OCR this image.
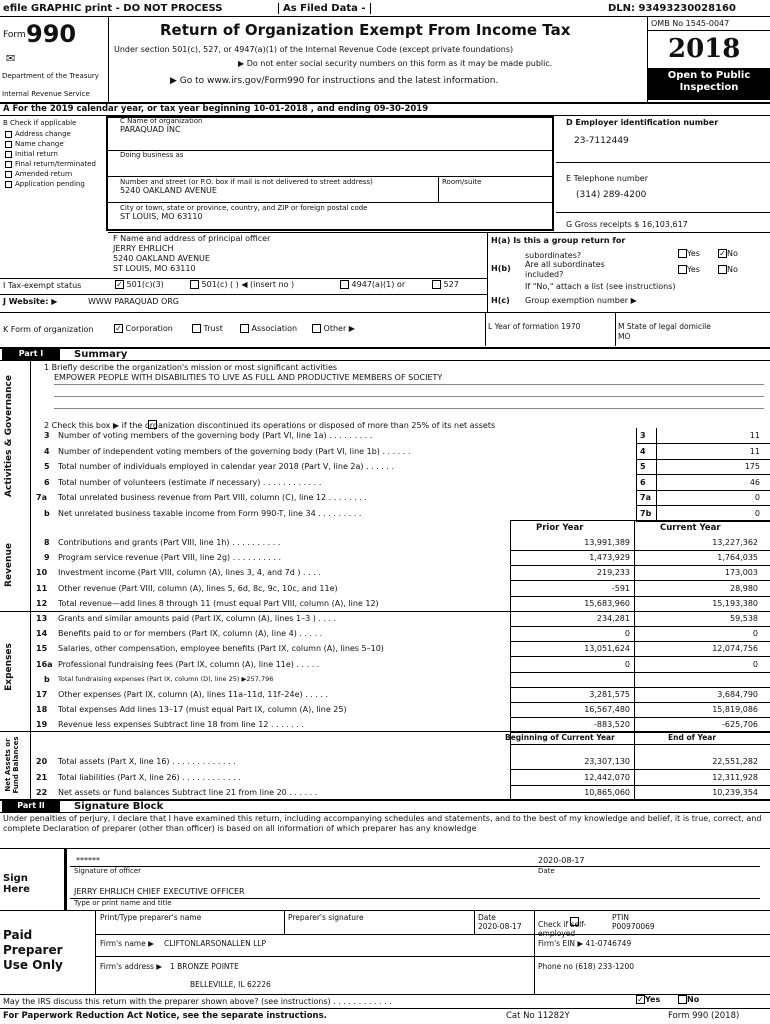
efile GRAPHIC print - DO NOT PROCESS	As Filed Data -	DLN: 93493230028160
Form 990
✉
Department of the Treasury
Internal Revenue Service
Return of Organization Exempt From Income Tax
Under section 501(c), 527, or 4947(a)(1) of the Internal Revenue Code (except private foundations)
▶ Do not enter social security numbers on this form as it may be made public.
▶ Go to www.irs.gov/Form990 for instructions and the latest information.
OMB No 1545-0047
2018
Open to Public Inspection
A For the 2019 calendar year, or tax year beginning 10-01-2018 , and ending 09-30-2019
B Check if applicable
Address change
Name change
Initial return
Final return/terminated
Amended return
Application pending
C Name of organization
PARAQUAD INC
Doing business as
Number and street (or P.O. box if mail is not delivered to street address)	Room/suite
5240 OAKLAND AVENUE
City or town, state or province, country, and ZIP or foreign postal code
ST LOUIS, MO 63110
D Employer identification number
23-7112449
E Telephone number
(314) 289-4200
G Gross receipts $ 16,103,617
F Name and address of principal officer
JERRY EHRLICH
5240 OAKLAND AVENUE
ST LOUIS, MO 63110
H(a) Is this a group return for
subordinates?	Yes ✓No
H(b) Are all subordinates
included?
Yes	No
If "No," attach a list (see instructions)
H(c) Group exemption number ▶
I Tax-exempt status	✓ 501(c)(3)	501(c) ( ) ◀ (insert no )	4947(a)(1) or	527
J Website: ▶	WWW PARAQUAD ORG
K Form of organization	✓ Corporation	Trust	Association	Other ▶	L Year of formation 1970	M State of legal domicile
MO
Part I	Summary
Activities & Governance
Revenue
Expenses
Net Assets or Fund Balances
1 Briefly describe the organization's mission or most significant activities
EMPOWER PEOPLE WITH DISABILITIES TO LIVE AS FULL AND PRODUCTIVE MEMBERS OF SOCIETY
2 Check this box ▶ if the organization discontinued its operations or disposed of more than 25% of its net assets
3 Number of voting members of the governing body (Part VI, line 1a) . . . . . . . . .	3	11
4 Number of independent voting members of the governing body (Part VI, line 1b) . . . . . .	4	11
5 Total number of individuals employed in calendar year 2018 (Part V, line 2a) . . . . . .	5	175
6 Total number of volunteers (estimate if necessary) . . . . . . . . . . . .	6	46
7a Total unrelated business revenue from Part VIII, column (C), line 12 . . . . . . . .	7a	0
b Net unrelated business taxable income from Form 990-T, line 34 . . . . . . . . .	7b	0
Prior Year	Current Year
8 Contributions and grants (Part VIII, line 1h) . . . . . . . . . .	13,991,389	13,227,362
9 Program service revenue (Part VIII, line 2g) . . . . . . . . . .	1,473,929	1,764,035
10 Investment income (Part VIII, column (A), lines 3, 4, and 7d ) . . . .	219,233	173,003
11 Other revenue (Part VIII, column (A), lines 5, 6d, 8c, 9c, 10c, and 11e)	-591	28,980
12 Total revenue—add lines 8 through 11 (must equal Part VIII, column (A), line 12)	15,683,960	15,193,380
13 Grants and similar amounts paid (Part IX, column (A), lines 1–3 ) . . . .	234,281	59,538
14 Benefits paid to or for members (Part IX, column (A), line 4) . . . . .	0	0
15 Salaries, other compensation, employee benefits (Part IX, column (A), lines 5–10)	13,051,624	12,074,756
16a Professional fundraising fees (Part IX, column (A), line 11e) . . . . .	0	0
b Total fundraising expenses (Part IX, column (D), line 25) ▶257,796
17 Other expenses (Part IX, column (A), lines 11a–11d, 11f–24e) . . . . .	3,281,575	3,684,790
18 Total expenses Add lines 13–17 (must equal Part IX, column (A), line 25)	16,567,480	15,819,086
19 Revenue less expenses Subtract line 18 from line 12 . . . . . . .	-883,520	-625,706
20 Total assets (Part X, line 16) . . . . . . . . . . . . .	23,307,130	22,551,282
21 Total liabilities (Part X, line 26) . . . . . . . . . . . .	12,442,070	12,311,928
22 Net assets or fund balances Subtract line 21 from line 20 . . . . . .	10,865,060	10,239,354
Beginning of Current Year	End of Year
Part II	Signature Block
Under penalties of perjury, I declare that I have examined this return, including accompanying schedules and statements, and to the best of my knowledge and belief, it is true, correct, and complete Declaration of preparer (other than officer) is based on all information of which preparer has any knowledge
Sign
Here
******	2020-08-17
Signature of officer	Date
JERRY EHRLICH CHIEF EXECUTIVE OFFICER
Type or print name and title
Paid
Preparer
Use Only
Print/Type preparer's name	Preparer's signature	Date
2020-08-17 Check if self-employed
PTIN
P00970069
Firm's name ▶ CLIFTONLARSONALLEN LLP	Firm's EIN ▶ 41-0746749
Firm's address ▶ 1 BRONZE POINTE
BELLEVILLE, IL 62226
Phone no (618) 233-1200
May the IRS discuss this return with the preparer shown above? (see instructions) . . . . . . . . . . . .	✓Yes	No
For Paperwork Reduction Act Notice, see the separate instructions.	Cat No 11282Y	Form 990 (2018)
